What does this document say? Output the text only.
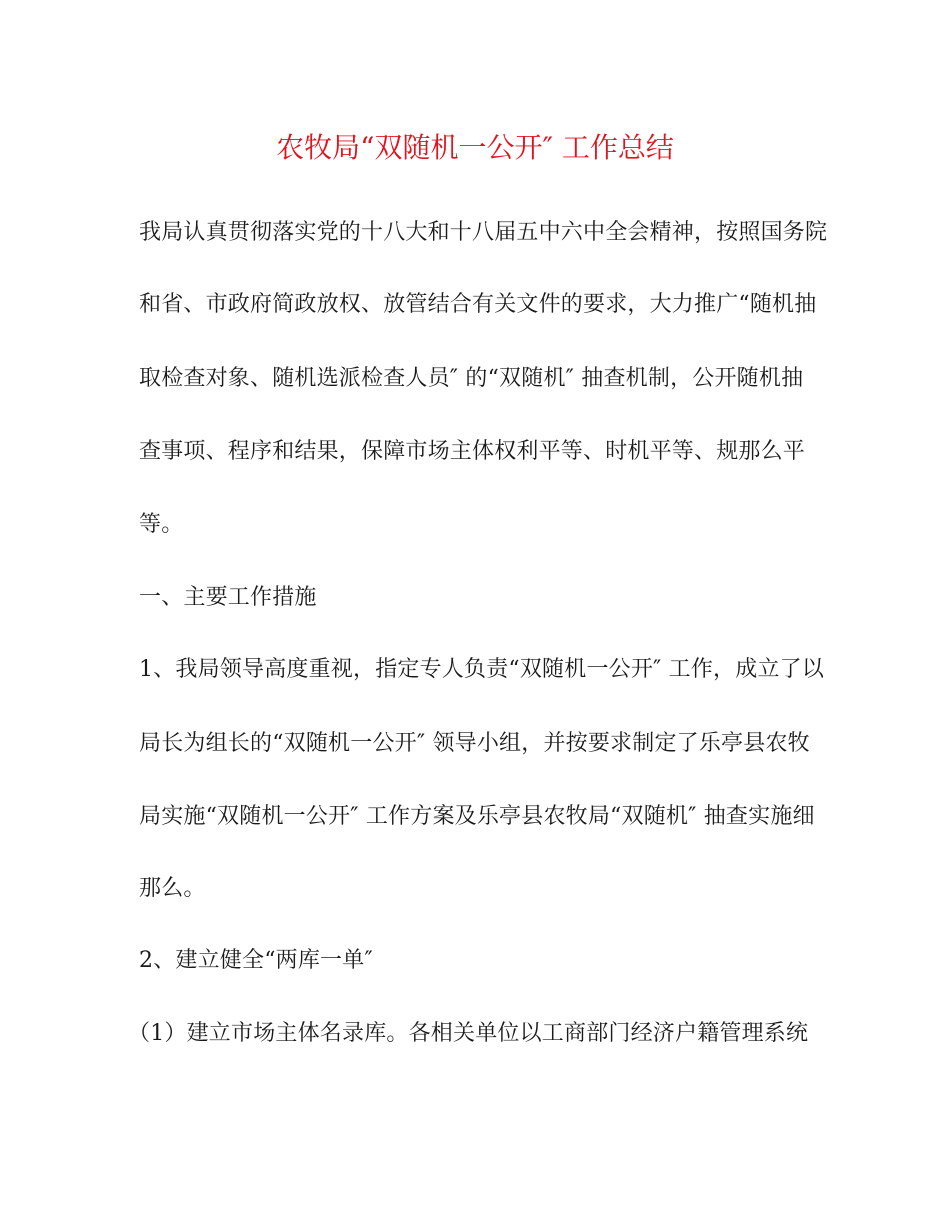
农牧局“双随机一公开″ 工作总结
我局认真贯彻落实党的十八大和十八届五中六中全会精神，按照国务院
和省、市政府简政放权、放管结合有关文件的要求，大力推广“随机抽
取检查对象、随机选派检查人员″ 的“双随机″ 抽查机制，公开随机抽
查事项、程序和结果，保障市场主体权利平等、时机平等、规那么平
等。
一、主要工作措施
1、我局领导高度重视，指定专人负责“双随机一公开″ 工作，成立了以
局长为组长的“双随机一公开″ 领导小组，并按要求制定了乐亭县农牧
局实施“双随机一公开″ 工作方案及乐亭县农牧局“双随机″ 抽查实施细
那么。
2、建立健全“两库一单″
（1）建立市场主体名录库。各相关单位以工商部门经济户籍管理系统
